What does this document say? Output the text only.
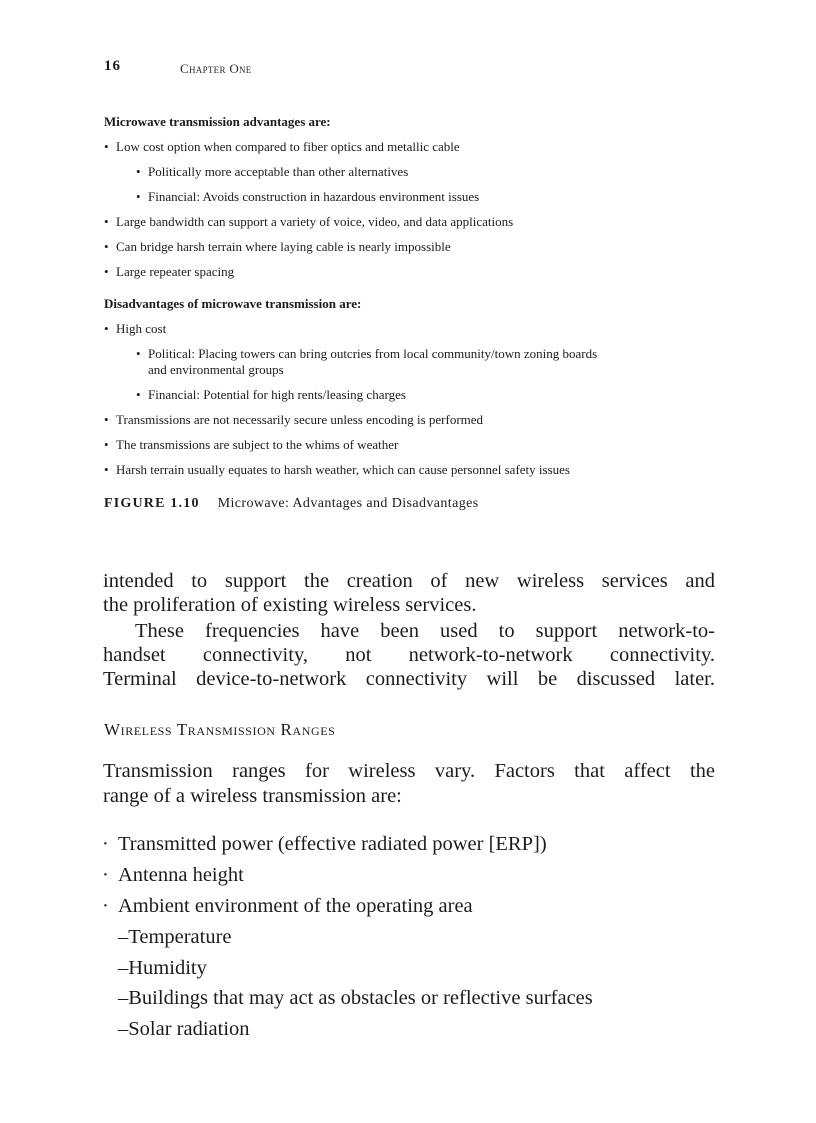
16	Chapter One
Microwave transmission advantages are:
• Low cost option when compared to fiber optics and metallic cable
• Politically more acceptable than other alternatives
• Financial: Avoids construction in hazardous environment issues
• Large bandwidth can support a variety of voice, video, and data applications
• Can bridge harsh terrain where laying cable is nearly impossible
• Large repeater spacing
Disadvantages of microwave transmission are:
• High cost
• Political: Placing towers can bring outcries from local community/town zoning boards
and environmental groups
• Financial: Potential for high rents/leasing charges
• Transmissions are not necessarily secure unless encoding is performed
• The transmissions are subject to the whims of weather
• Harsh terrain usually equates to harsh weather, which can cause personnel safety issues
FIGURE 1.10 Microwave: Advantages and Disadvantages
intended to support the creation of new wireless services and
the proliferation of existing wireless services.
These frequencies have been used to support network-to-
handset connectivity, not network-to-network connectivity.
Terminal device-to-network connectivity will be discussed later.
Wireless Transmission Ranges
Transmission ranges for wireless vary. Factors that affect the
range of a wireless transmission are:
· Transmitted power (effective radiated power [ERP])
· Antenna height
· Ambient environment of the operating area
–Temperature
–Humidity
–Buildings that may act as obstacles or reflective surfaces
–Solar radiation
